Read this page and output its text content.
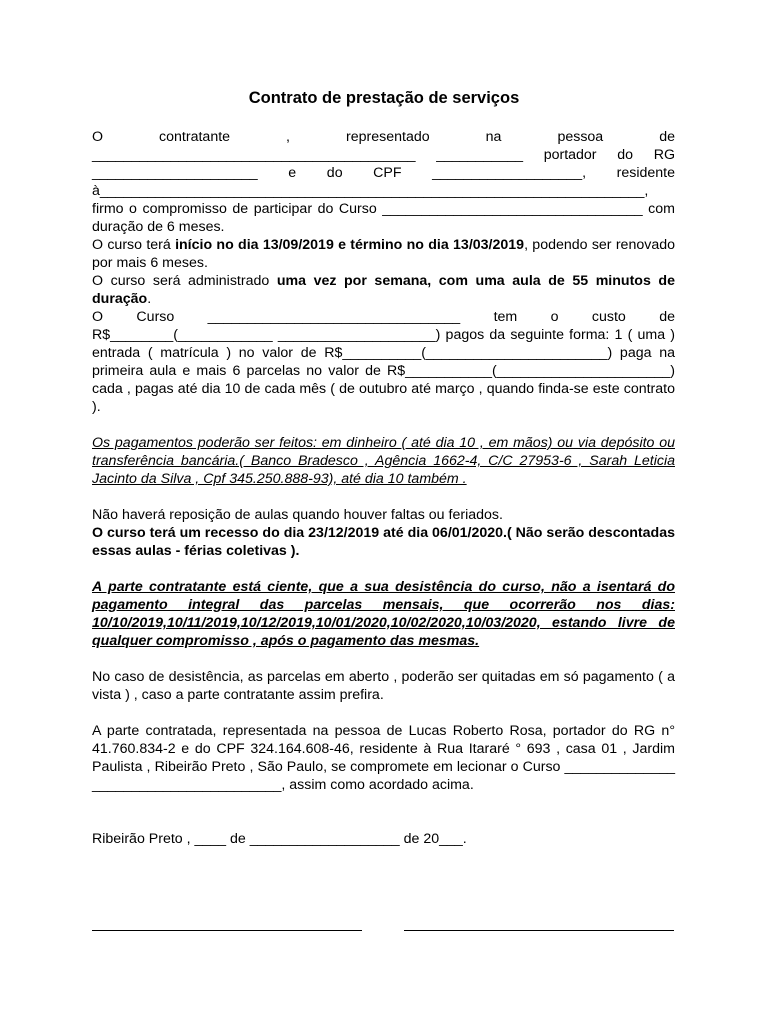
Contrato de prestação de serviços

O contratante , representado na pessoa de _________________________________________ ___________ portador do RG _____________________ e do CPF ___________________, residente à_____________________________________________________________________, firmo o compromisso de participar do Curso _________________________________ com duração de 6 meses.

O curso terá início no dia 13/09/2019 e término no dia 13/03/2019, podendo ser renovado por mais 6 meses.

O curso será administrado uma vez por semana, com uma aula de 55 minutos de duração.

O Curso ________________________________ tem o custo de R$________(____________ ____________________) pagos da seguinte forma: 1 ( uma ) entrada ( matrícula ) no valor de R$__________(_______________________) paga na primeira aula e mais 6 parcelas no valor de R$___________(______________________) cada , pagas até dia 10 de cada mês ( de outubro até março , quando finda-se este contrato ).

Os pagamentos poderão ser feitos: em dinheiro ( até dia 10 , em mãos) ou via depósito ou transferência bancária.( Banco Bradesco , Agência 1662-4, C/C 27953-6 , Sarah Leticia Jacinto da Silva , Cpf 345.250.888-93), até dia 10 também .

Não haverá reposição de aulas quando houver faltas ou feriados.

O curso terá um recesso do dia 23/12/2019 até dia 06/01/2020.( Não serão descontadas essas aulas - férias coletivas ).

A parte contratante está ciente, que a sua desistência do curso, não a isentará do pagamento integral das parcelas mensais, que ocorrerão nos dias: 10/10/2019,10/11/2019,10/12/2019,10/01/2020,10/02/2020,10/03/2020, estando livre de qualquer compromisso , após o pagamento das mesmas.

No caso de desistência, as parcelas em aberto , poderão ser quitadas em só pagamento ( a vista ) , caso a parte contratante assim prefira.

A parte contratada, representada na pessoa de Lucas Roberto Rosa, portador do RG n° 41.760.834-2 e do CPF 324.164.608-46, residente à Rua Itararé ° 693 , casa 01 , Jardim Paulista , Ribeirão Preto , São Paulo, se compromete em lecionar o Curso ______________ ________________________, assim como acordado acima.

Ribeirão Preto , ____ de ___________________ de 20___.
